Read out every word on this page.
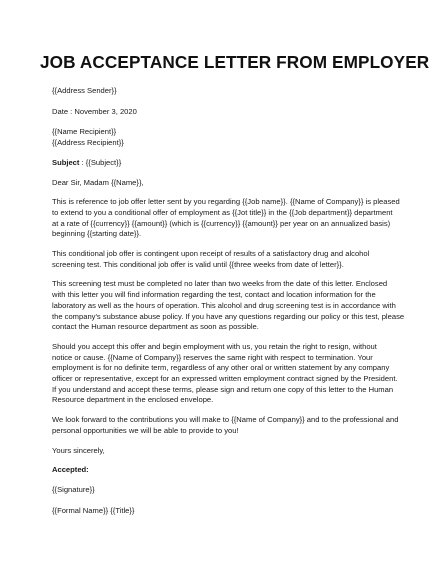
JOB ACCEPTANCE LETTER FROM EMPLOYER

{{Address Sender}}

Date : November 3, 2020

{{Name Recipient}}
{{Address Recipient}}

Subject : {{Subject}}

Dear Sir, Madam {{Name}},

This is reference to job offer letter sent by you regarding {{Job name}}. {{Name of Company}} is pleased
to extend to you a conditional offer of employment as {{Jot title}} in the {{Job department}} department
at a rate of {{currency}} {{amount}} (which is {{currency}} {{amount}} per year on an annualized basis)
beginning {{starting date}}.
This conditional job offer is contingent upon receipt of results of a satisfactory drug and alcohol
screening test. This conditional job offer is valid until {{three weeks from date of letter}}.
This screening test must be completed no later than two weeks from the date of this letter. Enclosed
with this letter you will find information regarding the test, contact and location information for the
laboratory as well as the hours of operation. This alcohol and drug screening test is in accordance with
the company's substance abuse policy. If you have any questions regarding our policy or this test, please
contact the Human resource department as soon as possible.
Should you accept this offer and begin employment with us, you retain the right to resign, without
notice or cause. {{Name of Company}} reserves the same right with respect to termination. Your
employment is for no definite term, regardless of any other oral or written statement by any company
officer or representative, except for an expressed written employment contract signed by the President.
If you understand and accept these terms, please sign and return one copy of this letter to the Human
Resource department in the enclosed envelope.
We look forward to the contributions you will make to {{Name of Company}} and to the professional and
personal opportunities we will be able to provide to you!

Yours sincerely,

Accepted:

{{Signature}}

{{Formal Name}} {{Title}}
